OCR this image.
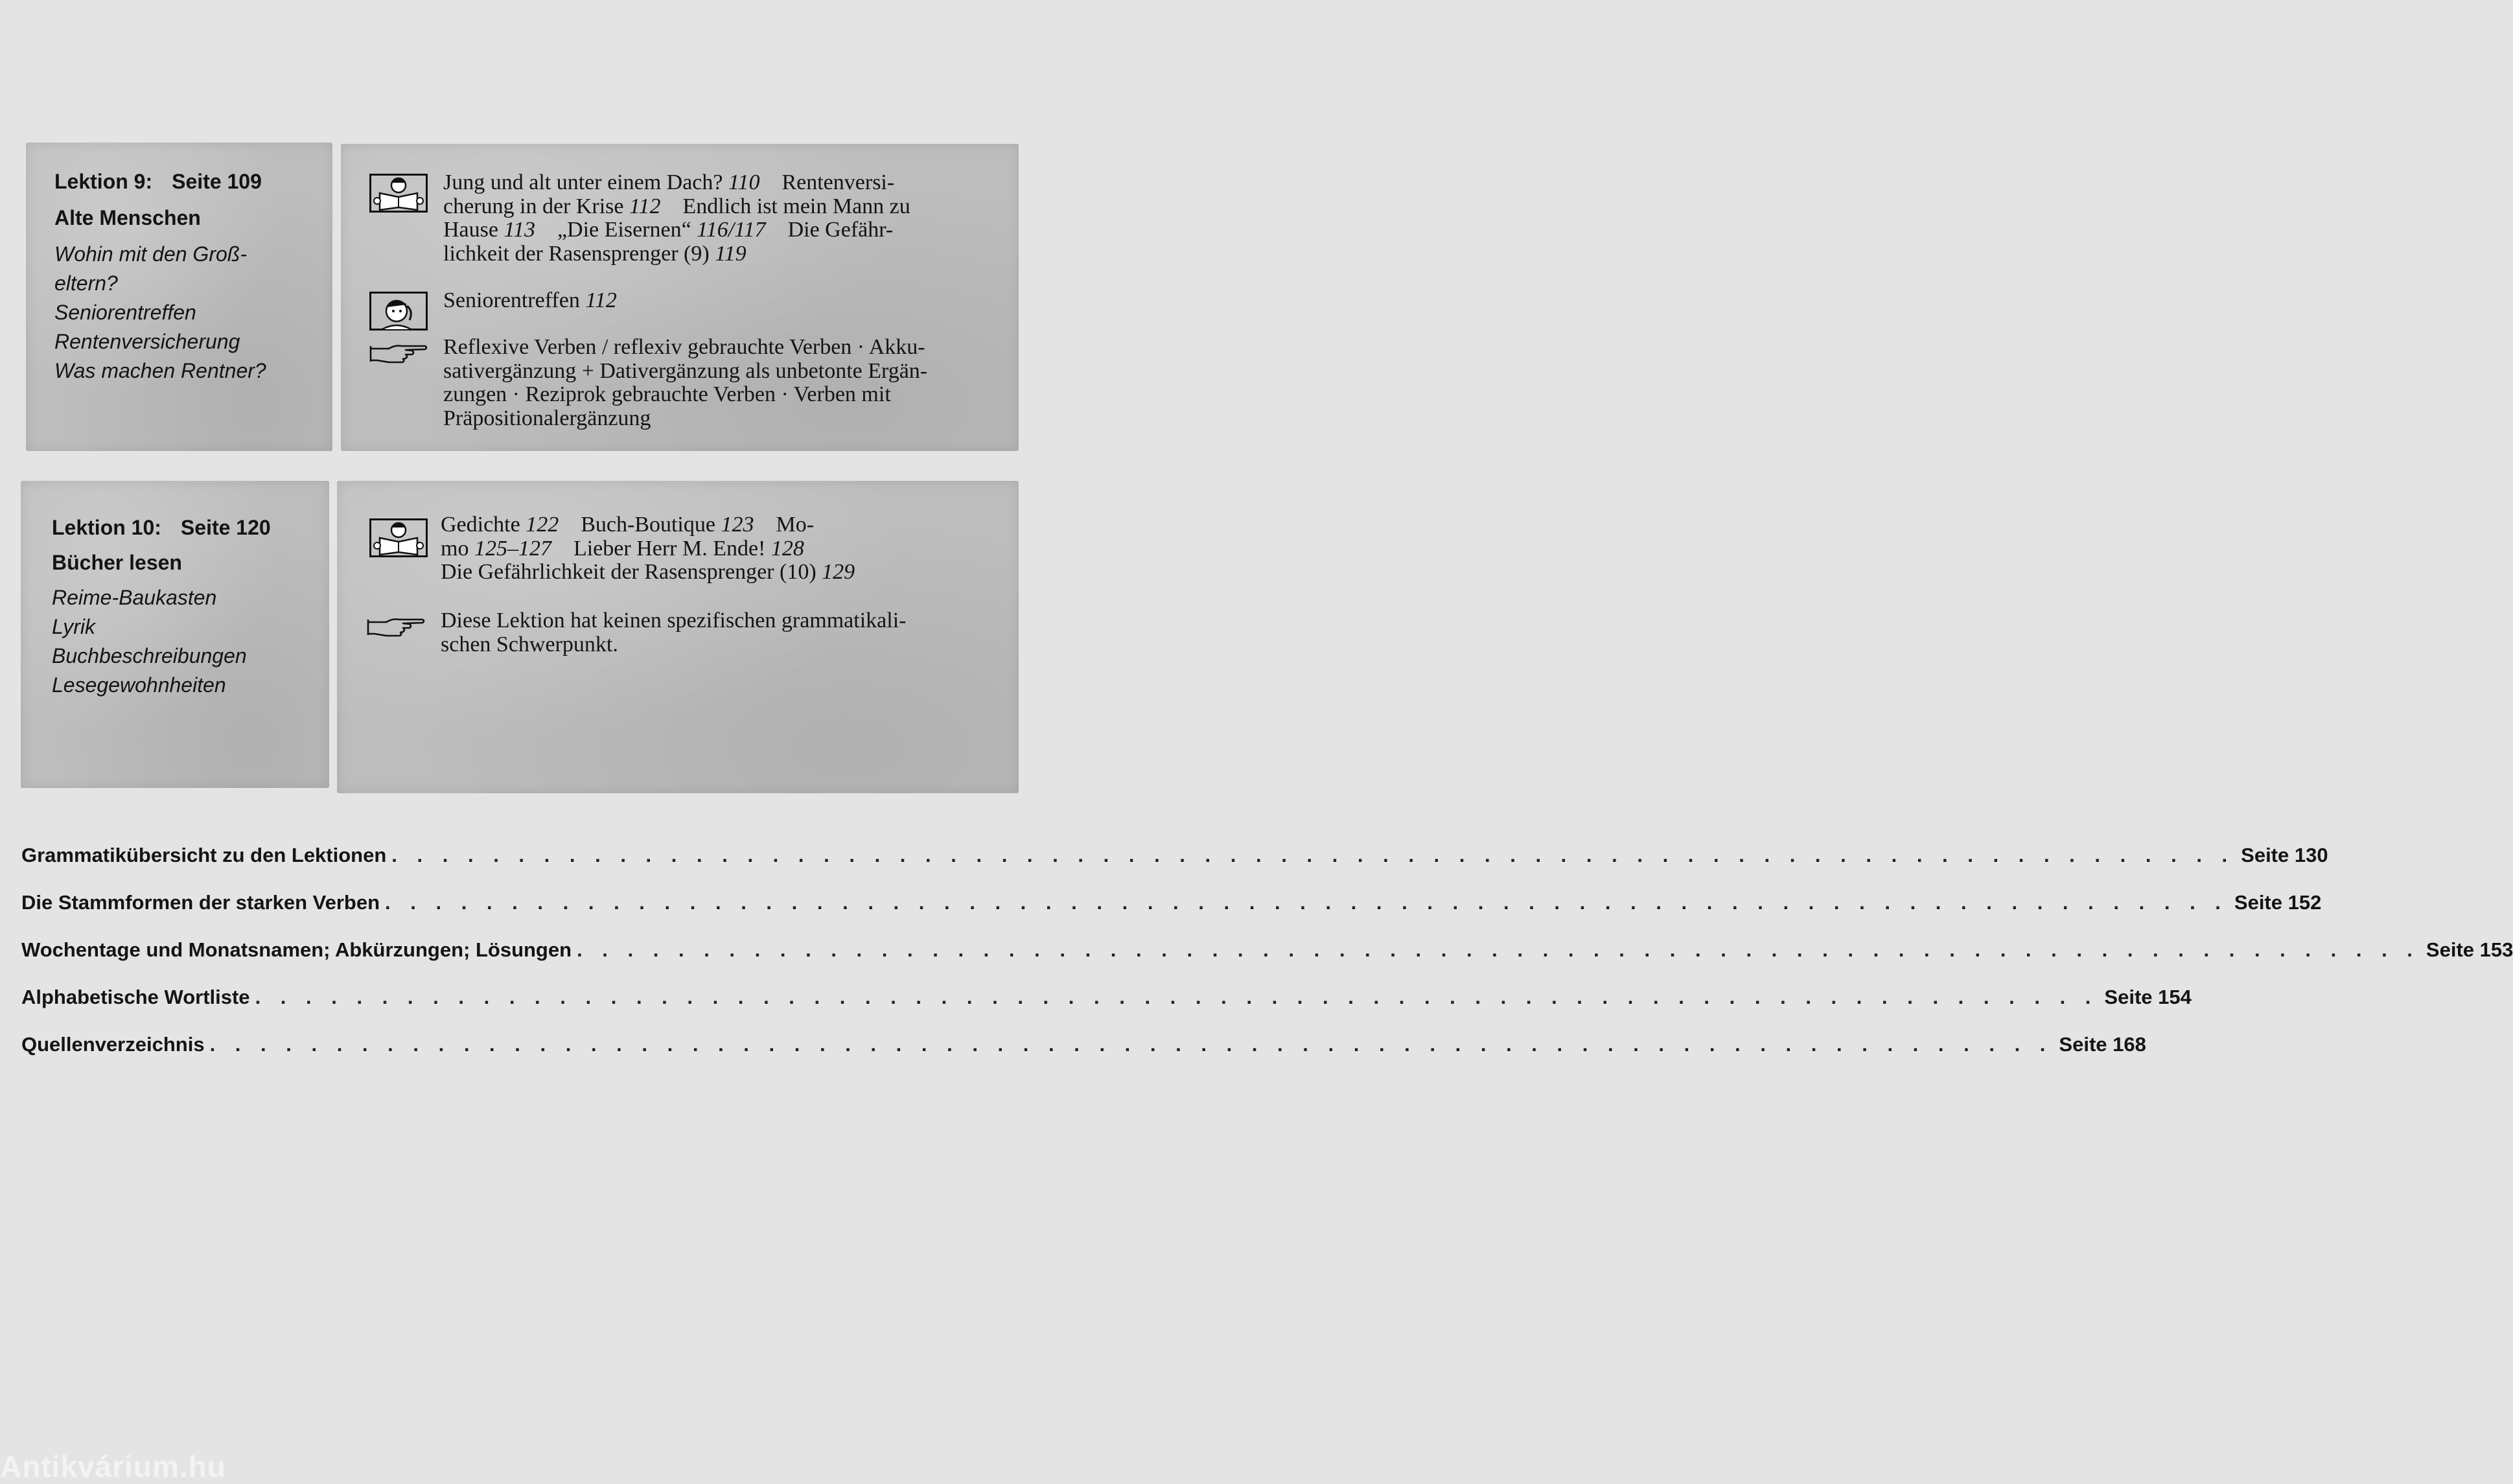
Lektion 9: Seite 109
Alte Menschen
Wohin mit den Groß-
eltern?
Seniorentreffen
Rentenversicherung
Was machen Rentner?
Jung und alt unter einem Dach? 110 Rentenversi-
cherung in der Krise 112 Endlich ist mein Mann zu
Hause 113 „Die Eisernen“ 116/117 Die Gefähr-
lichkeit der Rasensprenger (9) 119
Seniorentreffen 112
Reflexive Verben / reflexiv gebrauchte Verben · Akku-
sativergänzung + Dativergänzung als unbetonte Ergän-
zungen · Reziprok gebrauchte Verben · Verben mit
Präpositionalergänzung
Lektion 10: Seite 120
Bücher lesen
Reime-Baukasten
Lyrik
Buchbeschreibungen
Lesegewohnheiten
Gedichte 122 Buch-Boutique 123 Mo-
mo 125–127 Lieber Herr M. Ende! 128
Die Gefährlichkeit der Rasensprenger (10) 129
Diese Lektion hat keinen spezifischen grammatikali-
schen Schwerpunkt.
Grammatikübersicht zu den Lektionen . . . . . . . . . . . . . . . . . . . . . . . . . . . . . . . . . . . . . . . . . . . . . . . . . . . . . . . . . . . . . . . . . . . . . . . . . Seite 130
Die Stammformen der starken Verben . . . . . . . . . . . . . . . . . . . . . . . . . . . . . . . . . . . . . . . . . . . . . . . . . . . . . . . . . . . . . . . . . . . . . . . . . Seite 152
Wochentage und Monatsnamen; Abkürzungen; Lösungen . . . . . . . . . . . . . . . . . . . . . . . . . . . . . . . . . . . . . . . . . . . . . . . . . . . . . . . . . . . . . . . . . . . . . . . . . Seite 153
Alphabetische Wortliste . . . . . . . . . . . . . . . . . . . . . . . . . . . . . . . . . . . . . . . . . . . . . . . . . . . . . . . . . . . . . . . . . . . . . . . . . Seite 154
Quellenverzeichnis . . . . . . . . . . . . . . . . . . . . . . . . . . . . . . . . . . . . . . . . . . . . . . . . . . . . . . . . . . . . . . . . . . . . . . . . . Seite 168
Antikvárium.hu
